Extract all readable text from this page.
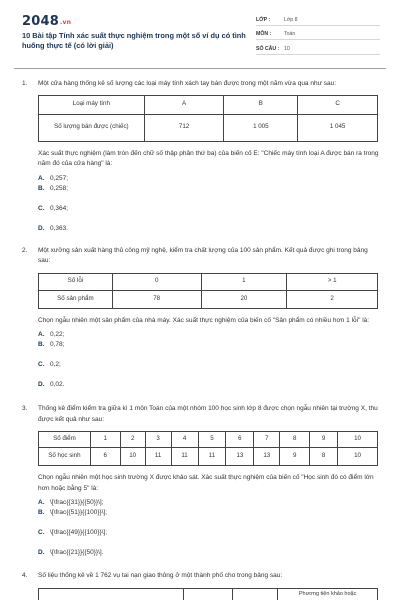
2048.vn
10 Bài tập Tính xác suất thực nghiệm trong một số ví dụ có tình huống thực tế (có lời giải)
LỚP :	Lớp 8
MÔN :	Toán
SỐ CÂU : 10
1.	Một cửa hàng thống kê số lượng các loại máy tính xách tay bán được trong một năm vừa qua như sau:
Loại máy tính	A	B	C
Số lượng bán được (chiếc)	712	1 005	1 045
Xác suất thực nghiệm (làm tròn đến chữ số thập phân thứ ba) của biến cố E: "Chiếc máy tính loại A được bán ra trong năm đó của cửa hàng" là:
A. 0,257;
B. 0,258;
C. 0,364;
D. 0,363.
2.	Một xưởng sản xuất hàng thủ công mỹ nghệ, kiểm tra chất lượng của 100 sản phẩm. Kết quả được ghi trong bảng sau:
Số lỗi	0	1	> 1
Số sản phẩm	78	20	2
Chọn ngẫu nhiên một sản phẩm của nhà máy. Xác suất thực nghiệm của biến cố "Sản phẩm có nhiều hơn 1 lỗi" là:
A. 0,22;
B. 0,78;
C. 0,2;
D. 0,02.
3.	Thống kê điểm kiểm tra giữa kì 1 môn Toán của một nhóm 100 học sinh lớp 8 được chọn ngẫu nhiên tại trường X, thu được kết quả như sau:
Số điểm	1	2	3	4	5	6	7	8	9	10
Số học sinh	6	10	11	11	11	13	13	9	8	10
Chọn ngẫu nhiên một học sinh trường X được khảo sát. Xác suất thực nghiệm của biến cố "Học sinh đó có điểm lớn hơn hoặc bằng 5" là:
A. \[\frac{{31}}{{50}}\];
B. \[\frac{{51}}{{100}}\];
C. \[\frac{{49}}{{100}}\];
D. \[\frac{{21}}{{50}}\].
4.	Số liệu thống kê về 1 762 vụ tai nạn giao thông ở một thành phố cho trong bảng sau:
			Phương tiện khảo hoặc
